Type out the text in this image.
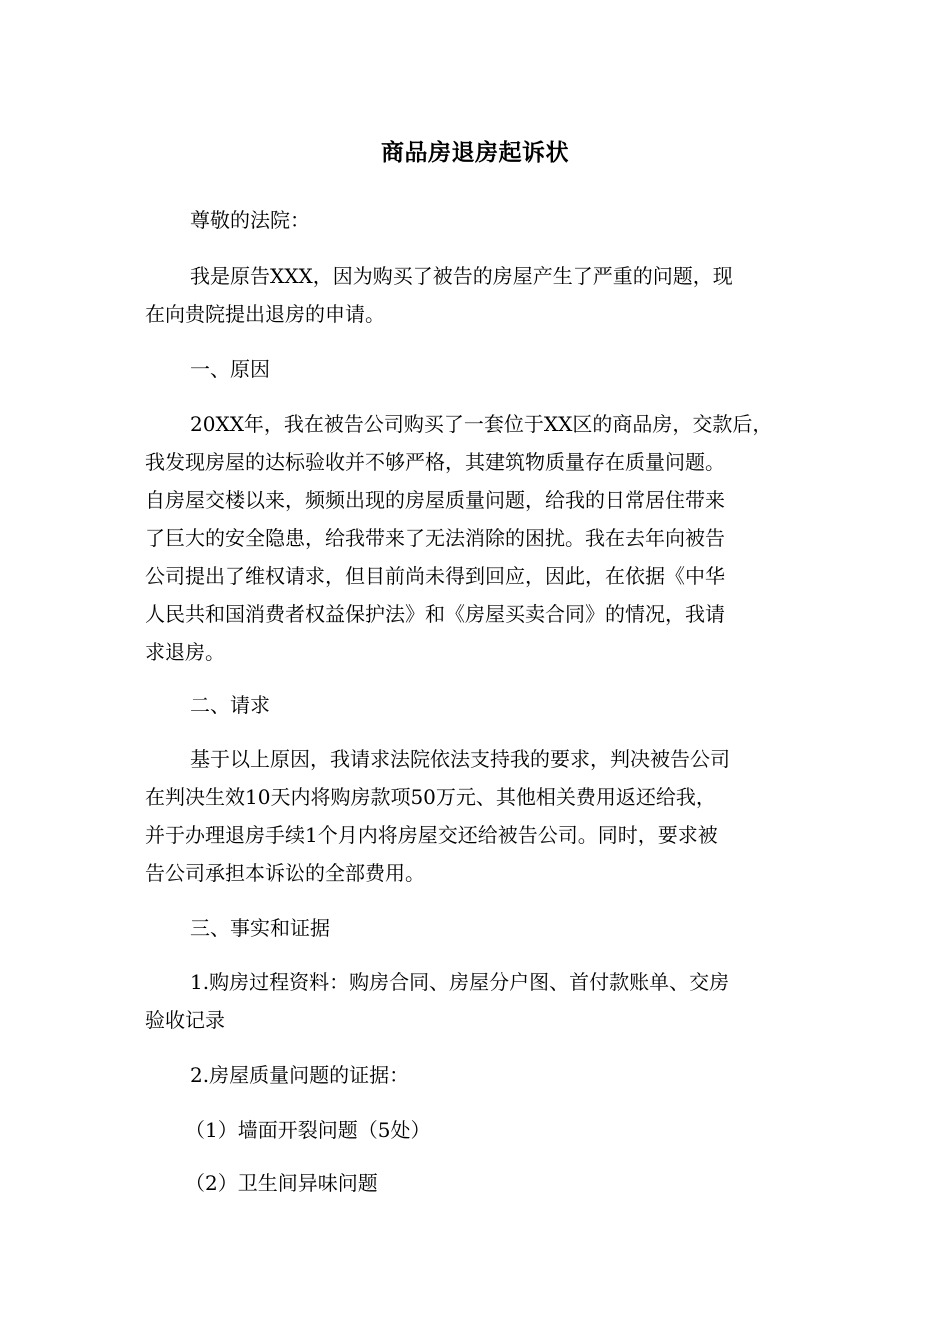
商品房退房起诉状
尊敬的法院：
我是原告XXX，因为购买了被告的房屋产生了严重的问题，现
在向贵院提出退房的申请。
一、原因
20XX年，我在被告公司购买了一套位于XX区的商品房，交款后，
我发现房屋的达标验收并不够严格，其建筑物质量存在质量问题。
自房屋交楼以来，频频出现的房屋质量问题，给我的日常居住带来
了巨大的安全隐患，给我带来了无法消除的困扰。我在去年向被告
公司提出了维权请求，但目前尚未得到回应，因此，在依据《中华
人民共和国消费者权益保护法》和《房屋买卖合同》的情况，我请
求退房。
二、请求
基于以上原因，我请求法院依法支持我的要求，判决被告公司
在判决生效10天内将购房款项50万元、其他相关费用返还给我，
并于办理退房手续1个月内将房屋交还给被告公司。同时，要求被
告公司承担本诉讼的全部费用。
三、事实和证据
1.购房过程资料：购房合同、房屋分户图、首付款账单、交房
验收记录
2.房屋质量问题的证据：
（1）墙面开裂问题（5处）
（2）卫生间异味问题
